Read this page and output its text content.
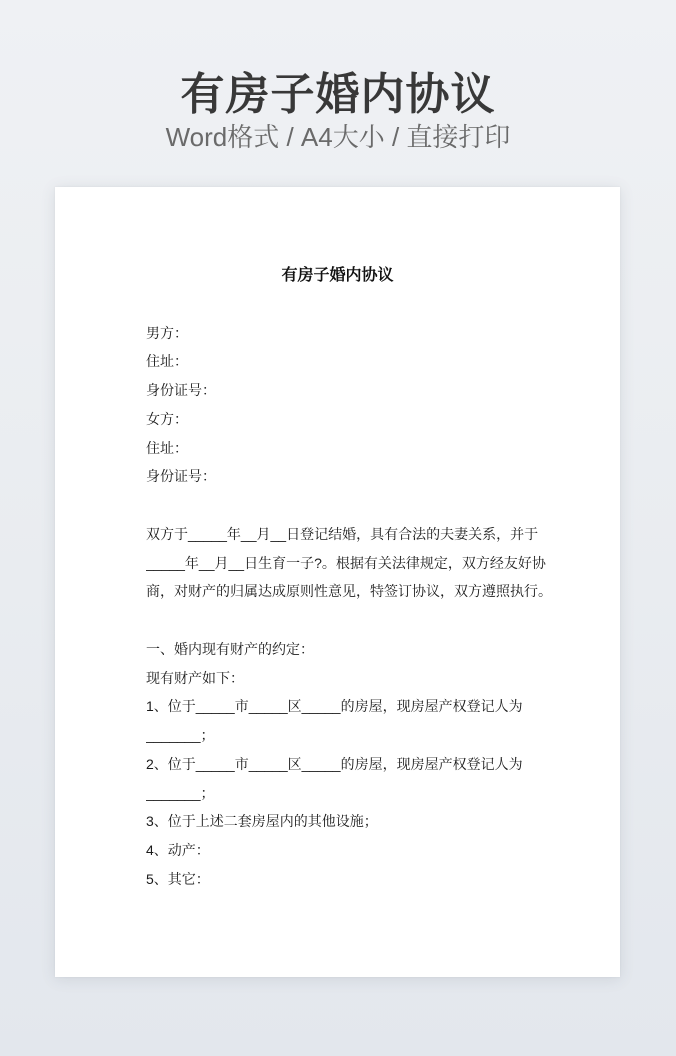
有房子婚内协议
Word格式 / A4大小 / 直接打印
有房子婚内协议
男方：
住址：
身份证号：
女方：
住址：
身份证号：
双方于_____年__月__日登记结婚，具有合法的夫妻关系，并于
_____年__月__日生育一子?。根据有关法律规定，双方经友好协
商，对财产的归属达成原则性意见，特签订协议，双方遵照执行。
一、婚内现有财产的约定：
现有财产如下：
1、位于_____市_____区_____的房屋，现房屋产权登记人为
_______；
2、位于_____市_____区_____的房屋，现房屋产权登记人为
_______；
3、位于上述二套房屋内的其他设施；
4、动产：
5、其它：
